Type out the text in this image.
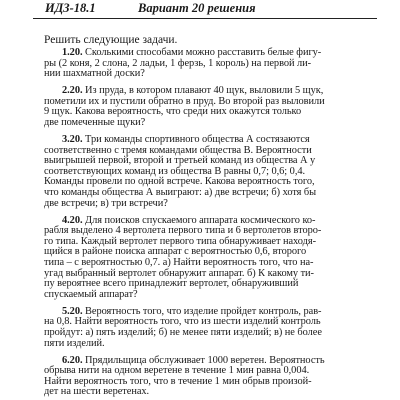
ИДЗ-18.1	Вариант 20 решения
Решить следующие задачи.
1.20. Сколькими способами можно расставить белые фигу-
ры (2 коня, 2 слона, 2 ладьи, 1 ферзь, 1 король) на первой ли-
нии шахматной доски?
2.20. Из пруда, в котором плавают 40 щук, выловили 5 щук,
пометили их и пустили обратно в пруд. Во второй раз выловили
9 щук. Какова вероятность, что среди них окажутся только
две помеченные щуки?
3.20. Три команды спортивного общества А состязаются
соответственно с тремя командами общества В. Вероятности
выигрышей первой, второй и третьей команд из общества А у
соответствующих команд из общества В равны 0,7; 0,6; 0,4.
Команды провели по одной встрече. Какова вероятность того,
что команды общества А выиграют: а) две встречи; б) хотя бы
две встречи; в) три встречи?
4.20. Для поисков спускаемого аппарата космического ко-
рабля выделено 4 вертолета первого типа и 6 вертолетов второ-
го типа. Каждый вертолет первого типа обнаруживает находя-
щийся в районе поиска аппарат с вероятностью 0,6, второго
типа – с вероятностью 0,7. а) Найти вероятность того, что на-
угад выбранный вертолет обнаружит аппарат. б) К какому ти-
пу вероятнее всего принадлежит вертолет, обнаруживший
спускаемый аппарат?
5.20. Вероятность того, что изделие пройдет контроль, рав-
на 0,8. Найти вероятность того, что из шести изделий контроль
пройдут: а) пять изделий; б) не менее пяти изделий; в) не более
пяти изделий.
6.20. Прядильщица обслуживает 1000 веретен. Вероятность
обрыва нити на одном веретене в течение 1 мин равна 0,004.
Найти вероятность того, что в течение 1 мин обрыв произой-
дет на шести веретенах.
